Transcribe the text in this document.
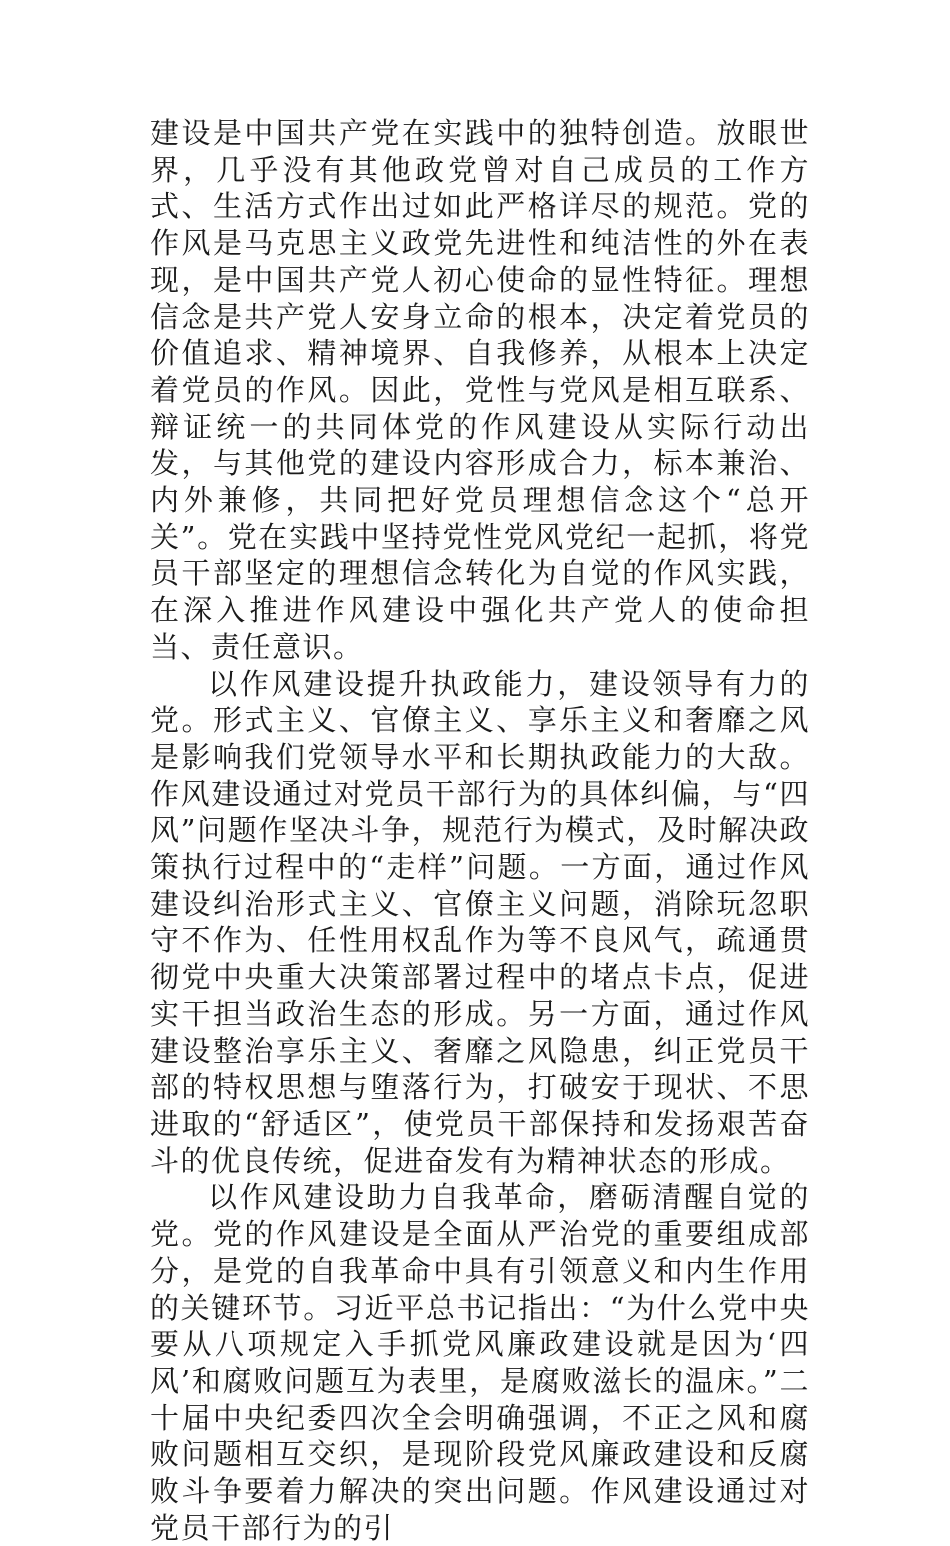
建设是中国共产党在实践中的独特创造。放眼世界，几乎没有其他政党曾对自己成员的工作方式、生活方式作出过如此严格详尽的规范。党的作风是马克思主义政党先进性和纯洁性的外在表现，是中国共产党人初心使命的显性特征。理想信念是共产党人安身立命的根本，决定着党员的价值追求、精神境界、自我修养，从根本上决定着党员的作风。因此，党性与党风是相互联系、辩证统一的共同体党的作风建设从实际行动出发，与其他党的建设内容形成合力，标本兼治、内外兼修，共同把好党员理想信念这个“总开关”。党在实践中坚持党性党风党纪一起抓，将党员干部坚定的理想信念转化为自觉的作风实践，在深入推进作风建设中强化共产党人的使命担当、责任意识。

以作风建设提升执政能力，建设领导有力的党。形式主义、官僚主义、享乐主义和奢靡之风是影响我们党领导水平和长期执政能力的大敌。作风建设通过对党员干部行为的具体纠偏，与“四风”问题作坚决斗争，规范行为模式，及时解决政策执行过程中的“走样”问题。一方面，通过作风建设纠治形式主义、官僚主义问题，消除玩忽职守不作为、任性用权乱作为等不良风气，疏通贯彻党中央重大决策部署过程中的堵点卡点，促进实干担当政治生态的形成。另一方面，通过作风建设整治享乐主义、奢靡之风隐患，纠正党员干部的特权思想与堕落行为，打破安于现状、不思进取的“舒适区”，使党员干部保持和发扬艰苦奋斗的优良传统，促进奋发有为精神状态的形成。

以作风建设助力自我革命，磨砺清醒自觉的党。党的作风建设是全面从严治党的重要组成部分，是党的自我革命中具有引领意义和内生作用的关键环节。习近平总书记指出：“为什么党中央要从八项规定入手抓党风廉政建设就是因为‘四风’和腐败问题互为表里，是腐败滋长的温床。”二十届中央纪委四次全会明确强调，不正之风和腐败问题相互交织，是现阶段党风廉政建设和反腐败斗争要着力解决的突出问题。作风建设通过对党员干部行为的引
